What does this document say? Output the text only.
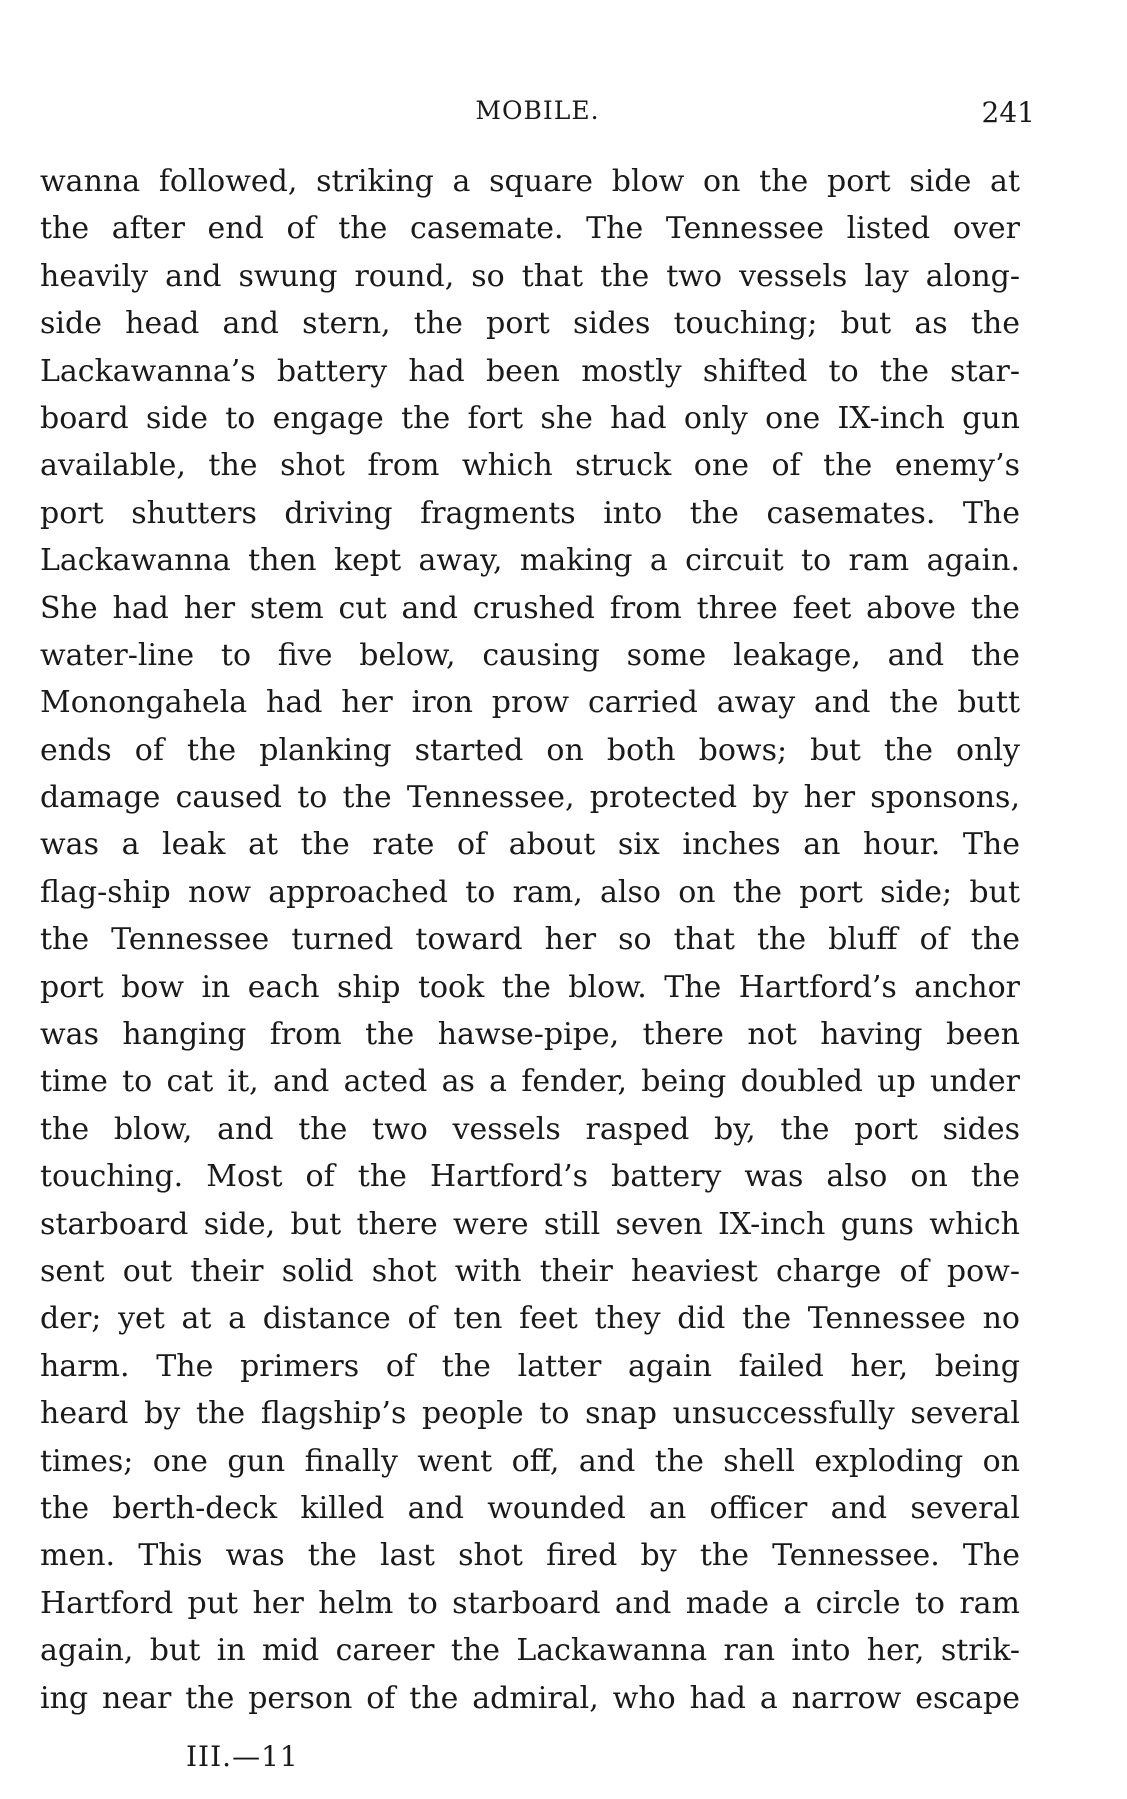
MOBILE.	241
wanna followed, striking a square blow on the port side at
the after end of the casemate. The Tennessee listed over
heavily and swung round, so that the two vessels lay along-
side head and stern, the port sides touching; but as the
Lackawanna’s battery had been mostly shifted to the star-
board side to engage the fort she had only one IX-inch gun
available, the shot from which struck one of the enemy’s
port shutters driving fragments into the casemates. The
Lackawanna then kept away, making a circuit to ram again.
She had her stem cut and crushed from three feet above the
water-line to five below, causing some leakage, and the
Monongahela had her iron prow carried away and the butt
ends of the planking started on both bows; but the only
damage caused to the Tennessee, protected by her sponsons,
was a leak at the rate of about six inches an hour. The
flag-ship now approached to ram, also on the port side; but
the Tennessee turned toward her so that the bluff of the
port bow in each ship took the blow. The Hartford’s anchor
was hanging from the hawse-pipe, there not having been
time to cat it, and acted as a fender, being doubled up under
the blow, and the two vessels rasped by, the port sides
touching. Most of the Hartford’s battery was also on the
starboard side, but there were still seven IX-inch guns which
sent out their solid shot with their heaviest charge of pow-
der; yet at a distance of ten feet they did the Tennessee no
harm. The primers of the latter again failed her, being
heard by the flagship’s people to snap unsuccessfully several
times; one gun finally went off, and the shell exploding on
the berth-deck killed and wounded an officer and several
men. This was the last shot fired by the Tennessee. The
Hartford put her helm to starboard and made a circle to ram
again, but in mid career the Lackawanna ran into her, strik-
ing near the person of the admiral, who had a narrow escape
III.—11
